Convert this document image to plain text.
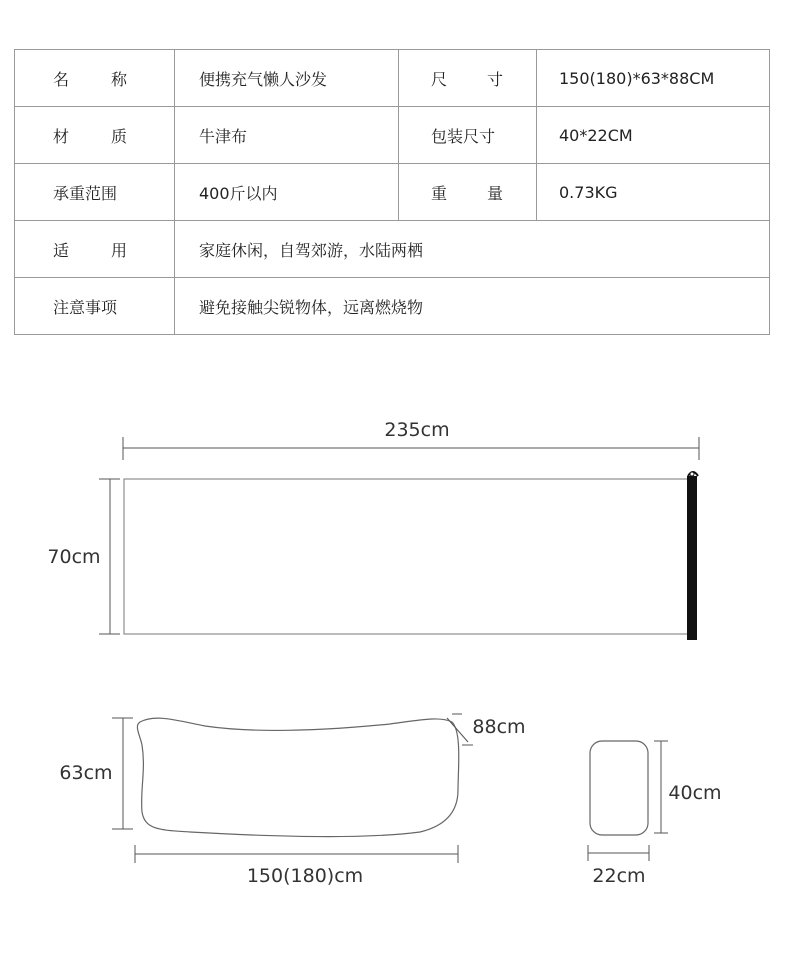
名称	便携充气懒人沙发	尺寸	150(180)*63*88CM
材质	牛津布	包装尺寸	40*22CM
承重范围	400斤以内	重量	0.73KG
适用	家庭休闲，自驾郊游，水陆两栖		
注意事项	避免接触尖锐物体，远离燃烧物		
235cm
70cm
63cm
88cm
150(180)cm
40cm
22cm
